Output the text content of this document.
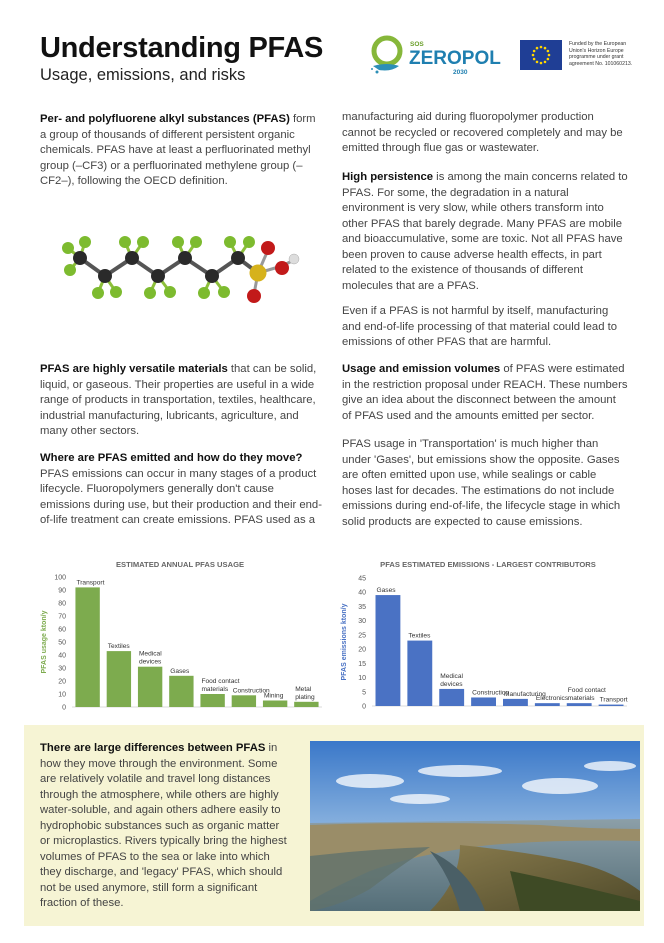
Understanding PFAS
Usage, emissions, and risks
SOS
ZEROPOL
2030
Funded by the European Union's Horizon Europe programme under grant agreement No. 101060213.

Per- and polyfluorene alkyl substances (PFAS) form a group of thousands of different persistent organic chemicals. PFAS have at least a perfluorinated methyl group (–CF3) or a perfluorinated methylene group (–CF2–), following the OECD definition.

PFAS are highly versatile materials that can be solid, liquid, or gaseous. Their properties are useful in a wide range of products in transportation, textiles, healthcare, industrial manufacturing, lubricants, agriculture, and many other sectors.

Where are PFAS emitted and how do they move?
PFAS emissions can occur in many stages of a product lifecycle. Fluoropolymers generally don't cause emissions during use, but their production and their end-of-life treatment can create emissions. PFAS used as a

manufacturing aid during fluoropolymer production cannot be recycled or recovered completely and may be emitted through flue gas or wastewater.

High persistence is among the main concerns related to PFAS. For some, the degradation in a natural environment is very slow, while others transform into other PFAS that barely degrade. Many PFAS are mobile and bioaccumulative, some are toxic. Not all PFAS have been proven to cause adverse health effects, in part related to the existence of thousands of different molecules that are a PFAS.

Even if a PFAS is not harmful by itself, manufacturing and end-of-life processing of that material could lead to emissions of other PFAS that are harmful.

Usage and emission volumes of PFAS were estimated in the restriction proposal under REACH. These numbers give an idea about the disconnect between the amount of PFAS used and the amounts emitted per sector.

PFAS usage in 'Transportation' is much higher than under 'Gases', but emissions show the opposite. Gases are often emitted upon use, while sealings or cable hoses last for decades. The estimations do not include emissions during end-of-life, the lifecycle stage in which solid products are expected to cause emissions.

ESTIMATED ANNUAL PFAS USAGE
PFAS usage kton/y
0
10
20
30
40
50
60
70
80
90
100
Transport
Textiles
Medical
devices
Gases
Food contact
materials Construction
Mining
Metal
plating
PFAS ESTIMATED EMISSIONS - LARGEST CONTRIBUTORS
PFAS emissions kton/y
0
5
10
15
20
25
30
35
40
45
Gases
Textiles
Medical
devices
Construction
Manufacturing
Electronics
Food contact
materials Transport

There are large differences between PFAS in how they move through the environment. Some are relatively volatile and travel long distances through the atmosphere, while others are highly water-soluble, and again others adhere easily to hydrophobic substances such as organic matter or microplastics. Rivers typically bring the highest volumes of PFAS to the sea or lake into which they discharge, and 'legacy' PFAS, which should not be used anymore, still form a significant fraction of these.
